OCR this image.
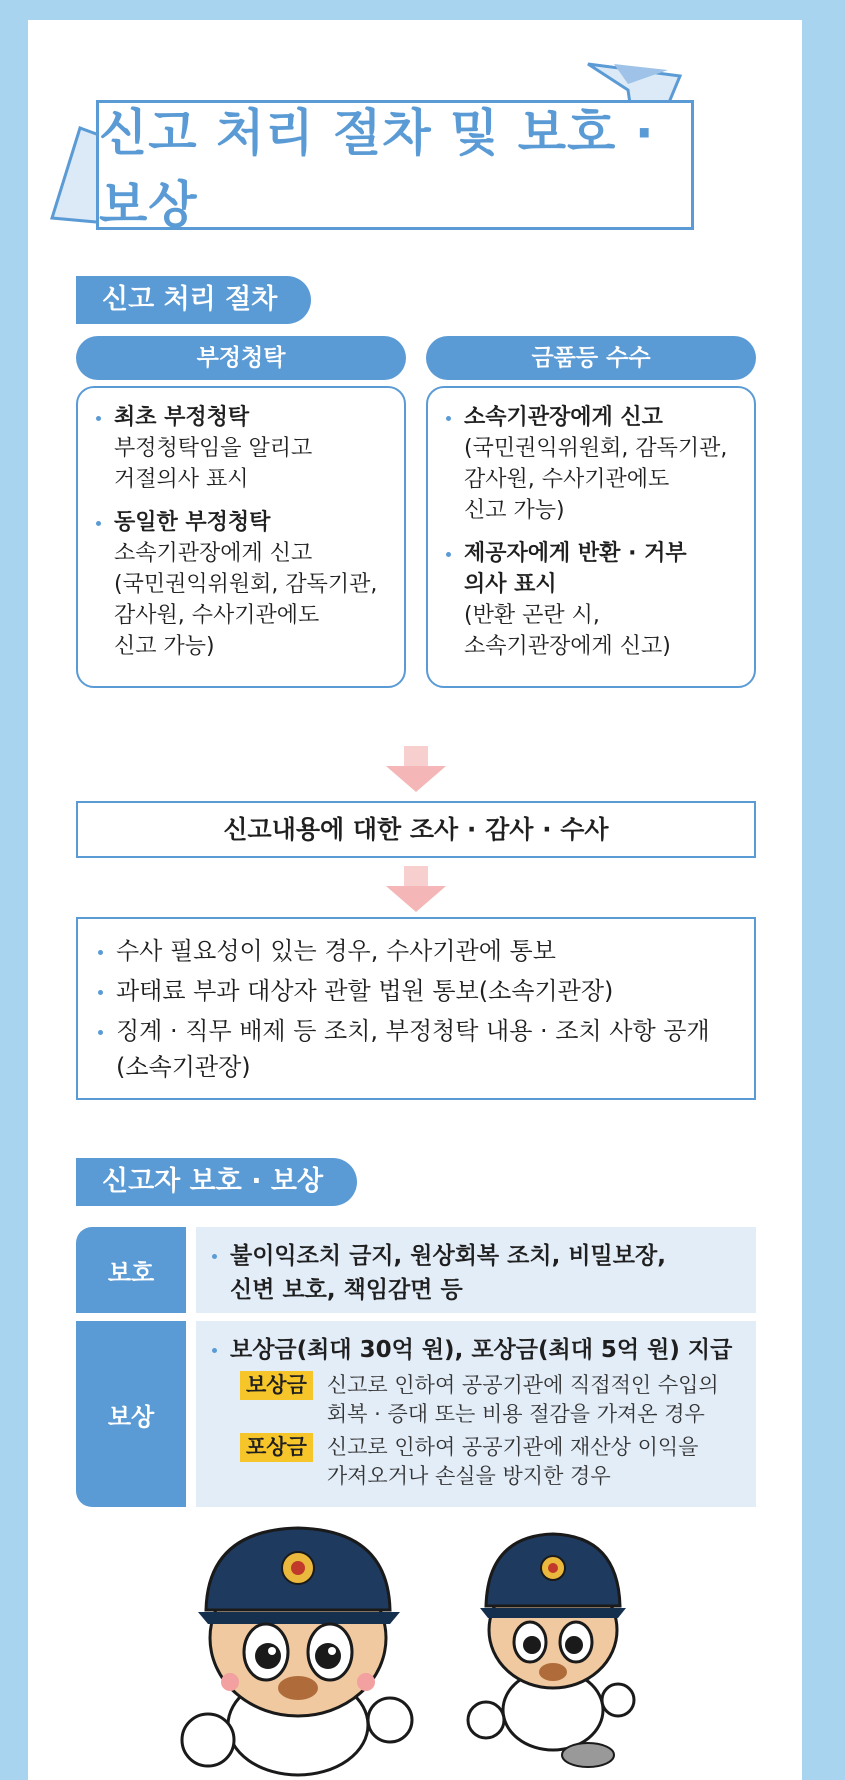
신고 처리 절차 및 보호 · 보상
신고 처리 절차
부정청탁
최초 부정청탁
부정청탁임을 알리고
거절의사 표시
동일한 부정청탁
소속기관장에게 신고
(국민권익위원회, 감독기관,
감사원, 수사기관에도
신고 가능)
금품등 수수
소속기관장에게 신고
(국민권익위원회, 감독기관,
감사원, 수사기관에도
신고 가능)
제공자에게 반환 · 거부
의사 표시
(반환 곤란 시,
소속기관장에게 신고)
신고내용에 대한 조사 · 감사 · 수사
수사 필요성이 있는 경우, 수사기관에 통보
과태료 부과 대상자 관할 법원 통보(소속기관장)
징계 · 직무 배제 등 조치, 부정청탁 내용 · 조치 사항 공개
(소속기관장)
신고자 보호 · 보상
보호
불이익조치 금지, 원상회복 조치, 비밀보장,
신변 보호, 책임감면 등
보상
보상금(최대 30억 원), 포상금(최대 5억 원) 지급
보상금 신고로 인하여 공공기관에 직접적인 수입의
회복 · 증대 또는 비용 절감을 가져온 경우
포상금 신고로 인하여 공공기관에 재산상 이익을
가져오거나 손실을 방지한 경우
